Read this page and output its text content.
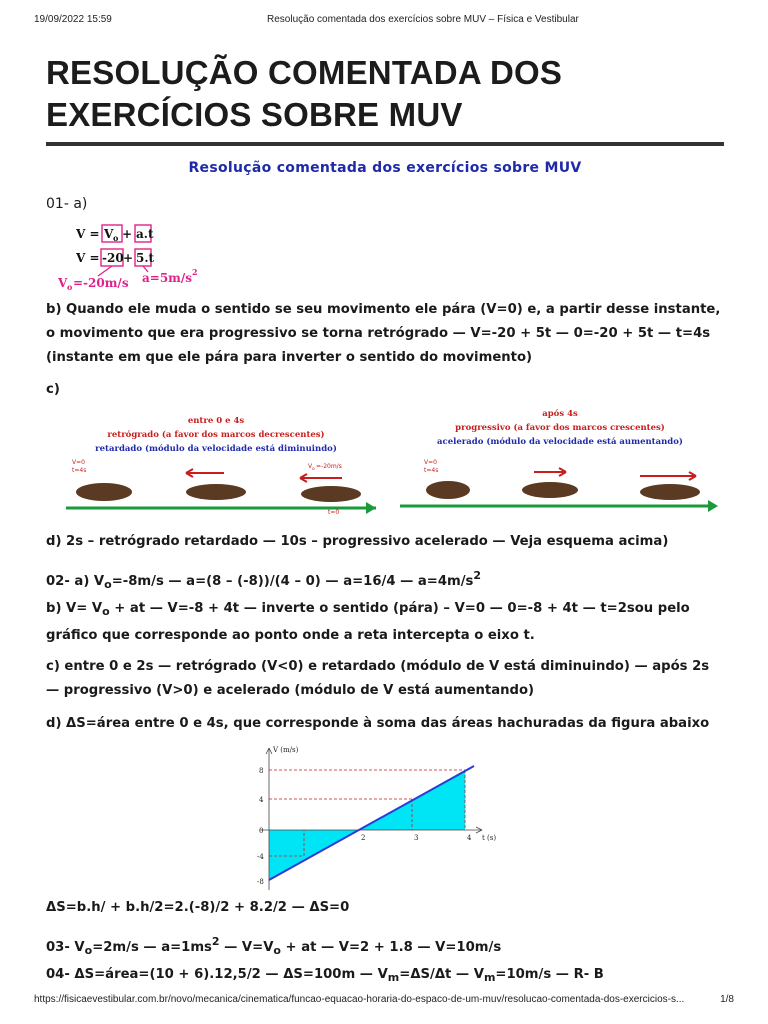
19/09/2022 15:59	Resolução comentada dos exercícios sobre MUV – Física e Vestibular
RESOLUÇÃO COMENTADA DOS
EXERCÍCIOS SOBRE MUV
Resolução comentada dos exercícios sobre MUV
01- a)
V = V o + a.t
V = -20 + 5.t
V o =-20m/s a=5m/s 2
b) Quando ele muda o sentido se seu movimento ele pára (V=0) e, a partir desse instante, o movimento que era progressivo se torna retrógrado — V=-20 + 5t — 0=-20 + 5t — t=4s (instante em que ele pára para inverter o sentido do movimento)
c)
entre 0 e 4s
retrógrado (a favor dos marcos decrescentes)
retardado (módulo da velocidade está diminuindo)
V=0
t=4s
V o =-20m/s
t=0
após 4s
progressivo (a favor dos marcos crescentes)
acelerado (módulo da velocidade está aumentando)
V=0
t=4s
d) 2s – retrógrado retardado — 10s – progressivo acelerado — Veja esquema acima)
02- a) $V_o=-8m/s$ — a=(8 – (-8))/(4 – 0) — a=16/4 — $a=4m/s^2$
b) $V= V_o$ + at — V=-8 + 4t — inverte o sentido (pára) – V=0 — 0=-8 + 4t — t=2sou pelo gráfico que corresponde ao ponto onde a reta intercepta o eixo t.
c) entre 0 e 2s — retrógrado (V<0) e retardado (módulo de V está diminuindo) — após 2s — progressivo (V>0) e acelerado (módulo de V está aumentando)
d) ΔS=área entre 0 e 4s, que corresponde à soma das áreas hachuradas da figura abaixo
V (m/s)
t (s)
8
4
0
-4
-8
2	3	4
ΔS=b.h/ + b.h/2=2.(-8)/2 + 8.2/2 — ΔS=0
03- $V_o=2m/s$ — $a=1ms^2$ — $V=V_o$ + at — V=2 + 1.8 — V=10m/s
04- ΔS=área=(10 + 6).12,5/2 — ΔS=100m — $V_m=\Delta S/\Delta t$ — $V_m=10m/s$ — R- B
https://fisicaevestibular.com.br/novo/mecanica/cinematica/funcao-equacao-horaria-do-espaco-de-um-muv/resolucao-comentada-dos-exercicios-s...	1/8
